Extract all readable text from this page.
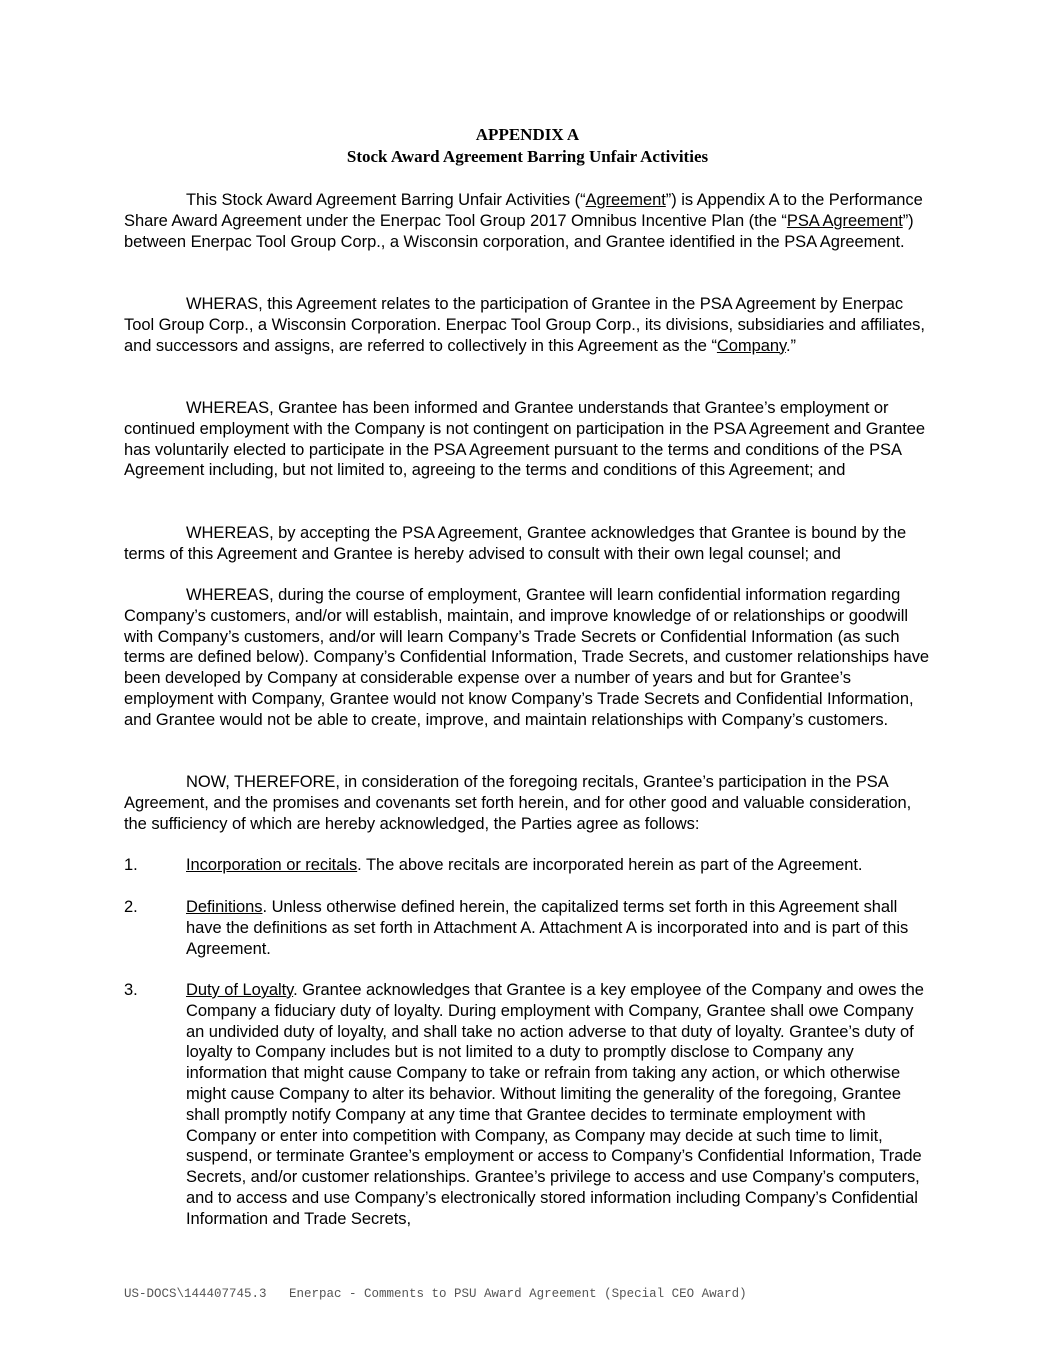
APPENDIX A
Stock Award Agreement Barring Unfair Activities

This Stock Award Agreement Barring Unfair Activities (“Agreement”) is Appendix A to the Performance Share Award Agreement under the Enerpac Tool Group 2017 Omnibus Incentive Plan (the “PSA Agreement”) between Enerpac Tool Group Corp., a Wisconsin corporation, and Grantee identified in the PSA Agreement.

WHERAS, this Agreement relates to the participation of Grantee in the PSA Agreement by Enerpac Tool Group Corp., a Wisconsin Corporation. Enerpac Tool Group Corp., its divisions, subsidiaries and affiliates, and successors and assigns, are referred to collectively in this Agreement as the “Company.”

WHEREAS, Grantee has been informed and Grantee understands that Grantee’s employment or continued employment with the Company is not contingent on participation in the PSA Agreement and Grantee has voluntarily elected to participate in the PSA Agreement pursuant to the terms and conditions of the PSA Agreement including, but not limited to, agreeing to the terms and conditions of this Agreement; and

WHEREAS, by accepting the PSA Agreement, Grantee acknowledges that Grantee is bound by the terms of this Agreement and Grantee is hereby advised to consult with their own legal counsel; and

WHEREAS, during the course of employment, Grantee will learn confidential information regarding Company’s customers, and/or will establish, maintain, and improve knowledge of or relationships or goodwill with Company’s customers, and/or will learn Company’s Trade Secrets or Confidential Information (as such terms are defined below). Company’s Confidential Information, Trade Secrets, and customer relationships have been developed by Company at considerable expense over a number of years and but for Grantee’s employment with Company, Grantee would not know Company’s Trade Secrets and Confidential Information, and Grantee would not be able to create, improve, and maintain relationships with Company’s customers.

NOW, THEREFORE, in consideration of the foregoing recitals, Grantee’s participation in the PSA Agreement, and the promises and covenants set forth herein, and for other good and valuable consideration, the sufficiency of which are hereby acknowledged, the Parties agree as follows:

1.	Incorporation or recitals. The above recitals are incorporated herein as part of the Agreement.
2.	Definitions. Unless otherwise defined herein, the capitalized terms set forth in this Agreement shall have the definitions as set forth in Attachment A. Attachment A is incorporated into and is part of this Agreement.
3.	Duty of Loyalty. Grantee acknowledges that Grantee is a key employee of the Company and owes the Company a fiduciary duty of loyalty. During employment with Company, Grantee shall owe Company an undivided duty of loyalty, and shall take no action adverse to that duty of loyalty. Grantee’s duty of loyalty to Company includes but is not limited to a duty to promptly disclose to Company any information that might cause Company to take or refrain from taking any action, or which otherwise might cause Company to alter its behavior. Without limiting the generality of the foregoing, Grantee shall promptly notify Company at any time that Grantee decides to terminate employment with Company or enter into competition with Company, as Company may decide at such time to limit, suspend, or terminate Grantee’s employment or access to Company’s Confidential Information, Trade Secrets, and/or customer relationships. Grantee’s privilege to access and use Company’s computers, and to access and use Company’s electronically stored information including Company’s Confidential Information and Trade Secrets,
US-DOCS\144407745.3   Enerpac - Comments to PSU Award Agreement (Special CEO Award)
